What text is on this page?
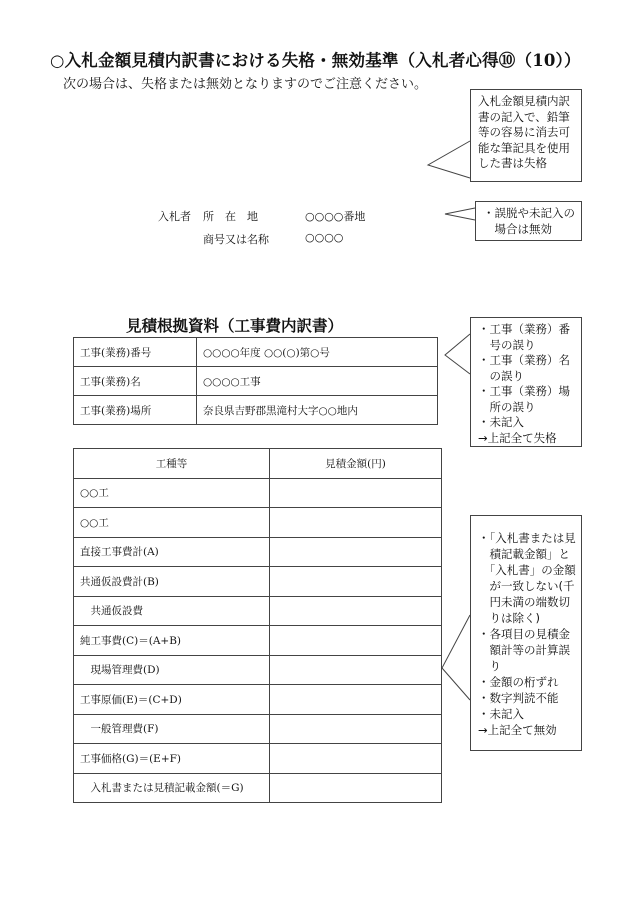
○入札金額見積内訳書における失格・無効基準（入札者心得⑩（10））
次の場合は、失格または無効となりますのでご注意ください。
入札金額見積内訳
書の記入で、鉛筆
等の容易に消去可
能な筆記具を使用
した書は失格
・誤脱や未記入の
　場合は無効
入札者 所　在　地	○○○○番地
商号又は名称	○○○○
見積根拠資料（工事費内訳書）
工事(業務)番号	○○○○年度 ○○(○)第○号
工事(業務)名	○○○○工事
工事(業務)場所	奈良県吉野郡黒滝村大字○○地内
・工事（業務）番
　号の誤り
・工事（業務）名
　の誤り
・工事（業務）場
　所の誤り
・未記入
→上記全て失格
工種等	見積金額(円)
○○工	
○○工	
直接工事費計(A)	
共通仮設費計(B)	
　共通仮設費	
純工事費(C)＝(A+B)	
　現場管理費(D)	
工事原価(E)＝(C+D)	
　一般管理費(F)	
工事価格(G)＝(E+F)	
　入札書または見積記載金額(＝G)	
・「入札書または見
　積記載金額」と
　「入札書」の金額
　が一致しない(千
　円未満の端数切
　りは除く)
・各項目の見積金
　額計等の計算誤
　り
・金額の桁ずれ
・数字判読不能
・未記入
→上記全て無効
